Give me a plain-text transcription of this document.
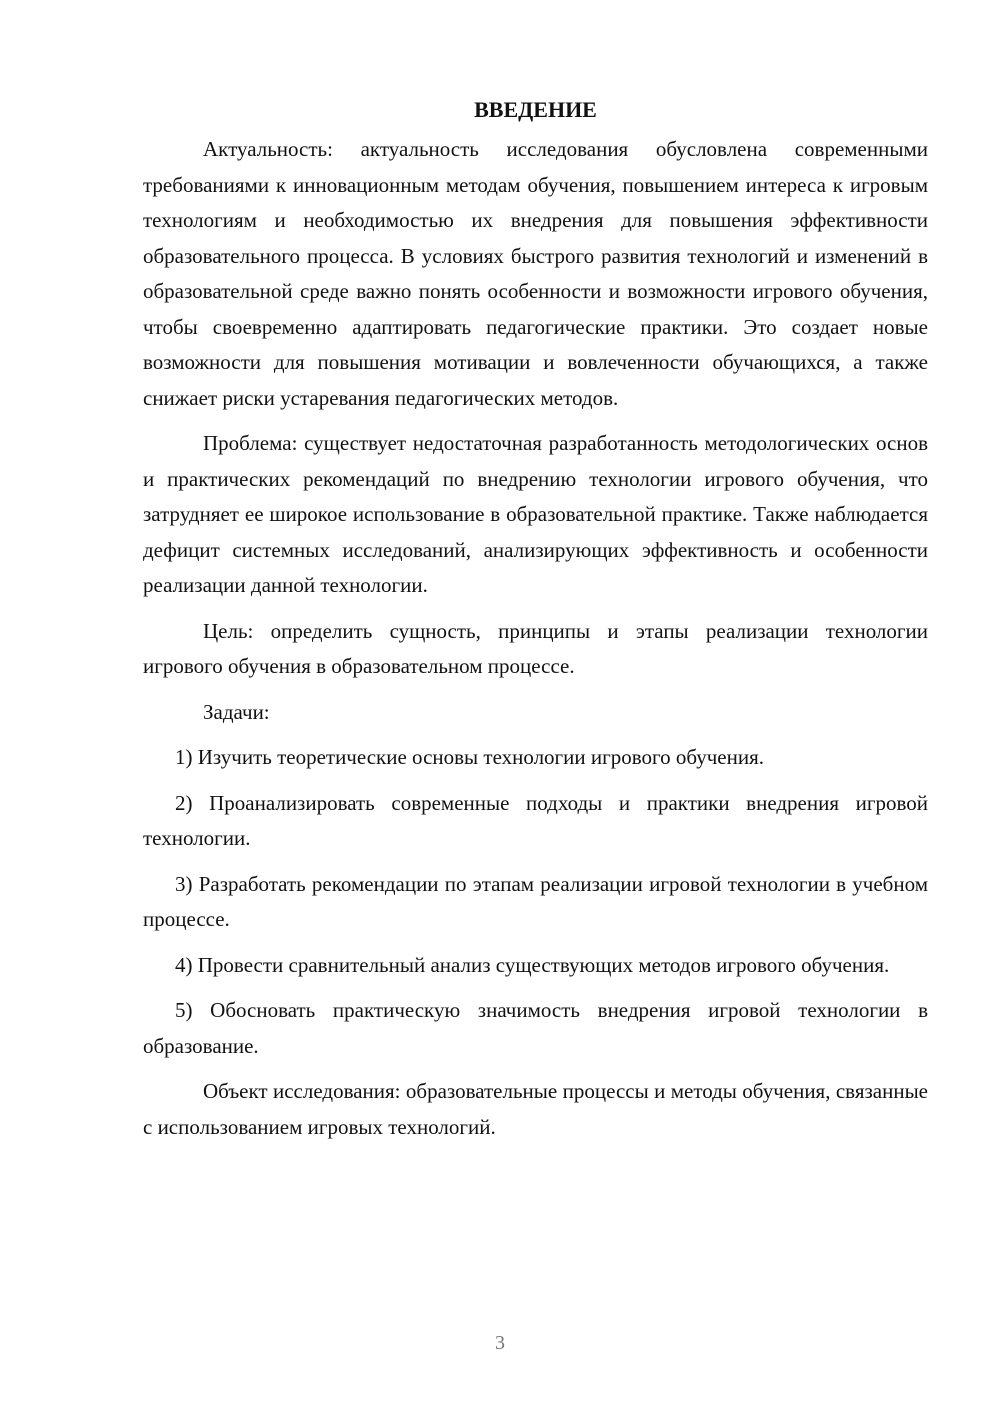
ВВЕДЕНИЕ

Актуальность: актуальность исследования обусловлена современными требованиями к инновационным методам обучения, повышением интереса к игровым технологиям и необходимостью их внедрения для повышения эффективности образовательного процесса. В условиях быстрого развития технологий и изменений в образовательной среде важно понять особенности и возможности игрового обучения, чтобы своевременно адаптировать педагогические практики. Это создает новые возможности для повышения мотивации и вовлеченности обучающихся, а также снижает риски устаревания педагогических методов.

Проблема: существует недостаточная разработанность методологических основ и практических рекомендаций по внедрению технологии игрового обучения, что затрудняет ее широкое использование в образовательной практике. Также наблюдается дефицит системных исследований, анализирующих эффективность и особенности реализации данной технологии.

Цель: определить сущность, принципы и этапы реализации технологии игрового обучения в образовательном процессе.

Задачи:

1) Изучить теоретические основы технологии игрового обучения.

2) Проанализировать современные подходы и практики внедрения игровой технологии.

3) Разработать рекомендации по этапам реализации игровой технологии в учебном процессе.

4) Провести сравнительный анализ существующих методов игрового обучения.

5) Обосновать практическую значимость внедрения игровой технологии в образование.

Объект исследования: образовательные процессы и методы обучения, связанные с использованием игровых технологий.

3
